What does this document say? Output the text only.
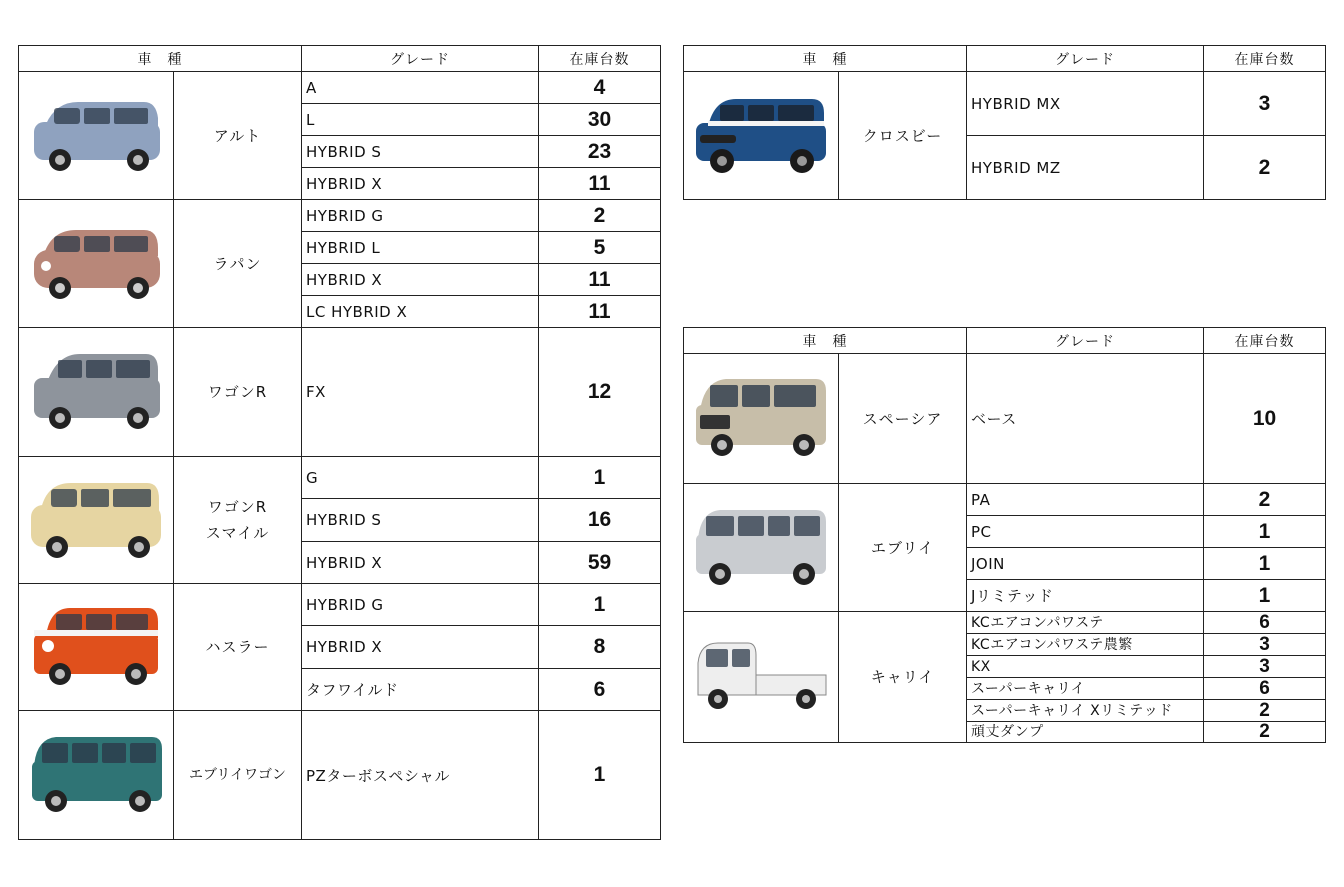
車　種		グレード	在庫台数

	アルト	A	4
		L	30
		HYBRID S	23
		HYBRID X	11

	ラパン	HYBRID G	2
		HYBRID L	5
		HYBRID X	11
		LC HYBRID X	11

	ワゴンR	FX	12

	ワゴンR
スマイル	G	1
		HYBRID S	16
		HYBRID X	59

	ハスラー	HYBRID G	1
		HYBRID X	8
		タフワイルド	6

	エブリイワゴン	PZターボスペシャル	1
車　種		グレード	在庫台数

	クロスビー	HYBRID MX	3
		HYBRID MZ	2
車　種		グレード	在庫台数

	スペーシア	ベース	10

	エブリイ	PA	2
		PC	1
		JOIN	1
		Jリミテッド	1

	キャリイ	KCエアコンパワステ	6
		KCエアコンパワステ農繁	3
		KX	3
		スーパーキャリイ	6
		スーパーキャリイ Xリミテッド	2
		頑丈ダンプ	2
